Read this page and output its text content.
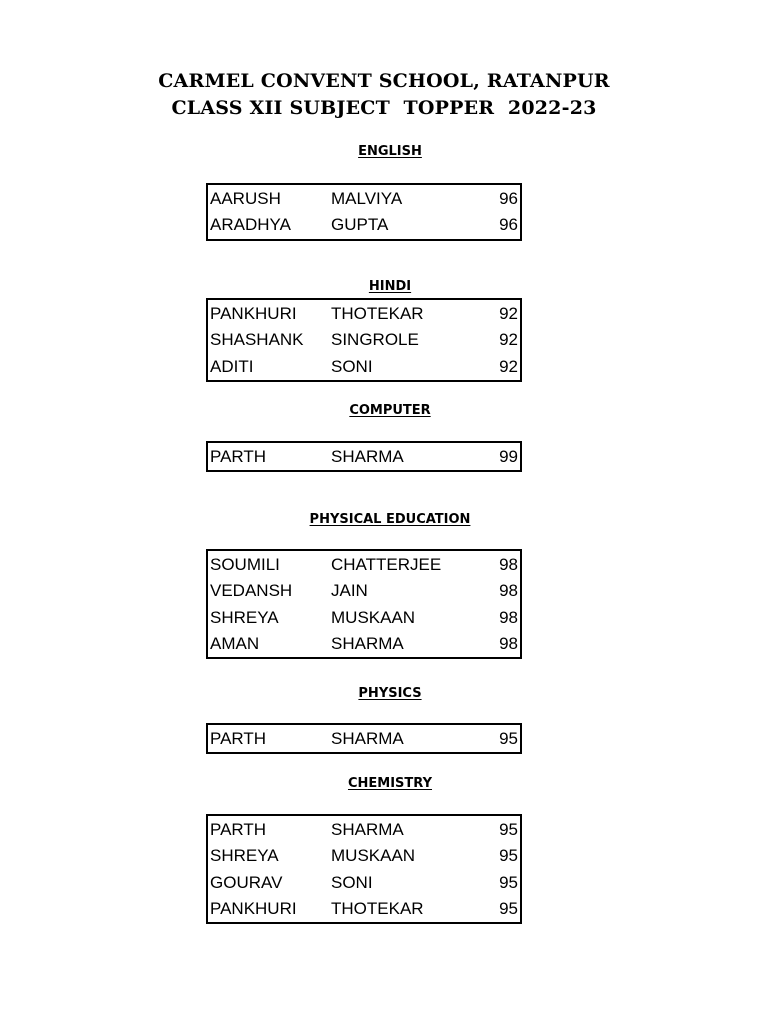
CARMEL CONVENT SCHOOL, RATANPUR
CLASS XII SUBJECT  TOPPER  2022-23
ENGLISH
AARUSH	MALVIYA	96
ARADHYA	GUPTA	96
HINDI
PANKHURI	THOTEKAR	92
SHASHANK	SINGROLE	92
ADITI	SONI	92
COMPUTER
PARTH	SHARMA	99
PHYSICAL EDUCATION
SOUMILI	CHATTERJEE	98
VEDANSH	JAIN	98
SHREYA	MUSKAAN	98
AMAN	SHARMA	98
PHYSICS
PARTH	SHARMA	95
CHEMISTRY
PARTH	SHARMA	95
SHREYA	MUSKAAN	95
GOURAV	SONI	95
PANKHURI	THOTEKAR	95
